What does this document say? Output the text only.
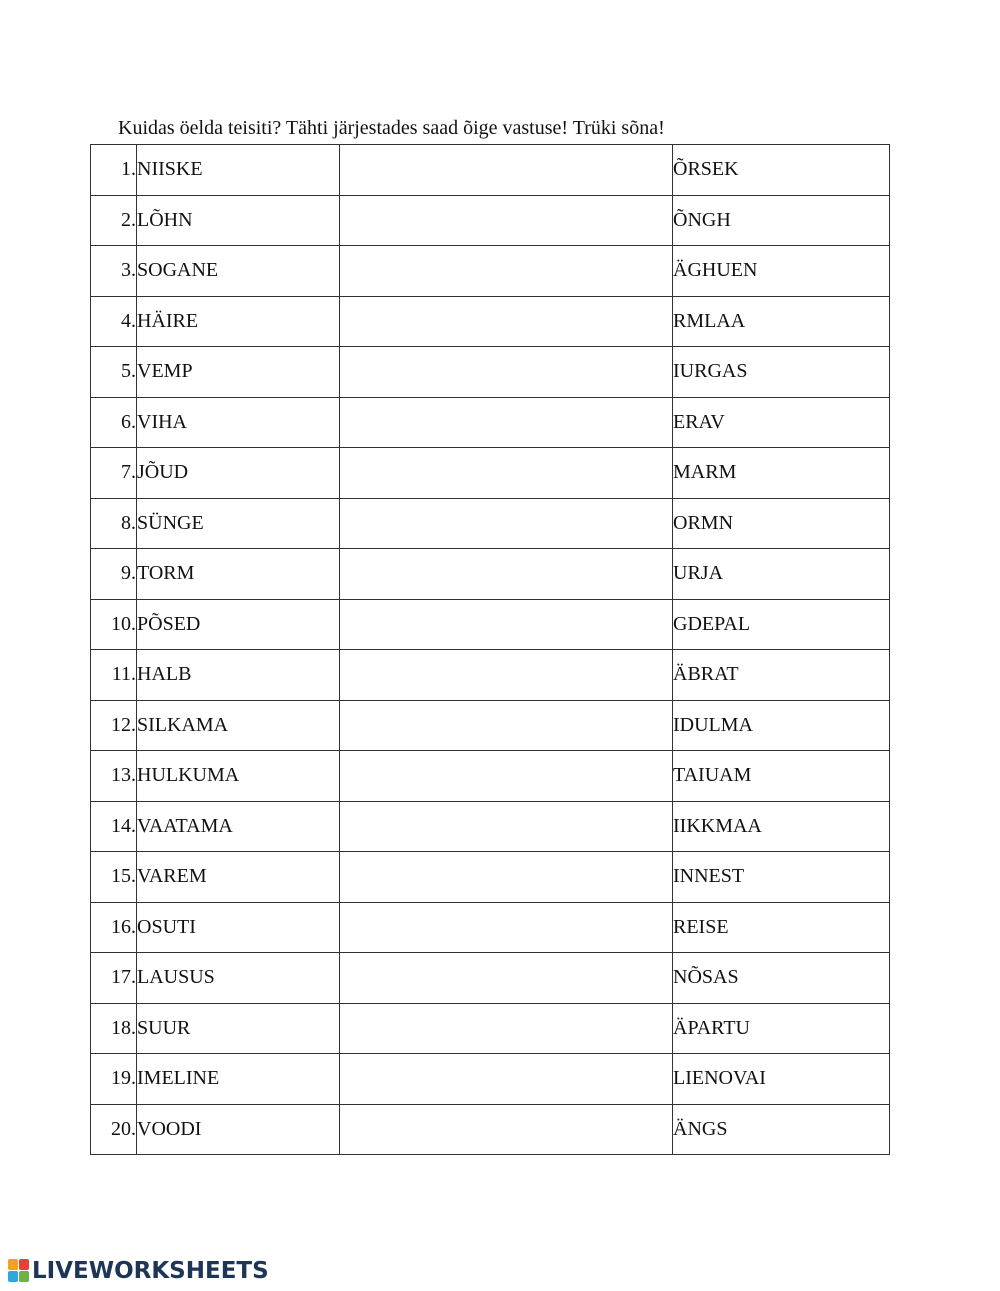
Kuidas öelda teisiti? Tähti järjestades saad õige vastuse! Trüki sõna!
1.	NIISKE		ÕRSEK
2.	LÕHN		ÕNGH
3.	SOGANE		ÄGHUEN
4.	HÄIRE		RMLAA
5.	VEMP		IURGAS
6.	VIHA		ERAV
7.	JÕUD		MARM
8.	SÜNGE		ORMN
9.	TORM		URJA
10.	PÕSED		GDEPAL
11.	HALB		ÄBRAT
12.	SILKAMA		IDULMA
13.	HULKUMA		TAIUAM
14.	VAATAMA		IIKKMAA
15.	VAREM		INNEST
16.	OSUTI		REISE
17.	LAUSUS		NÕSAS
18.	SUUR		ÄPARTU
19.	IMELINE		LIENOVAI
20.	VOODI		ÄNGS
LIVEWORKSHEETS
